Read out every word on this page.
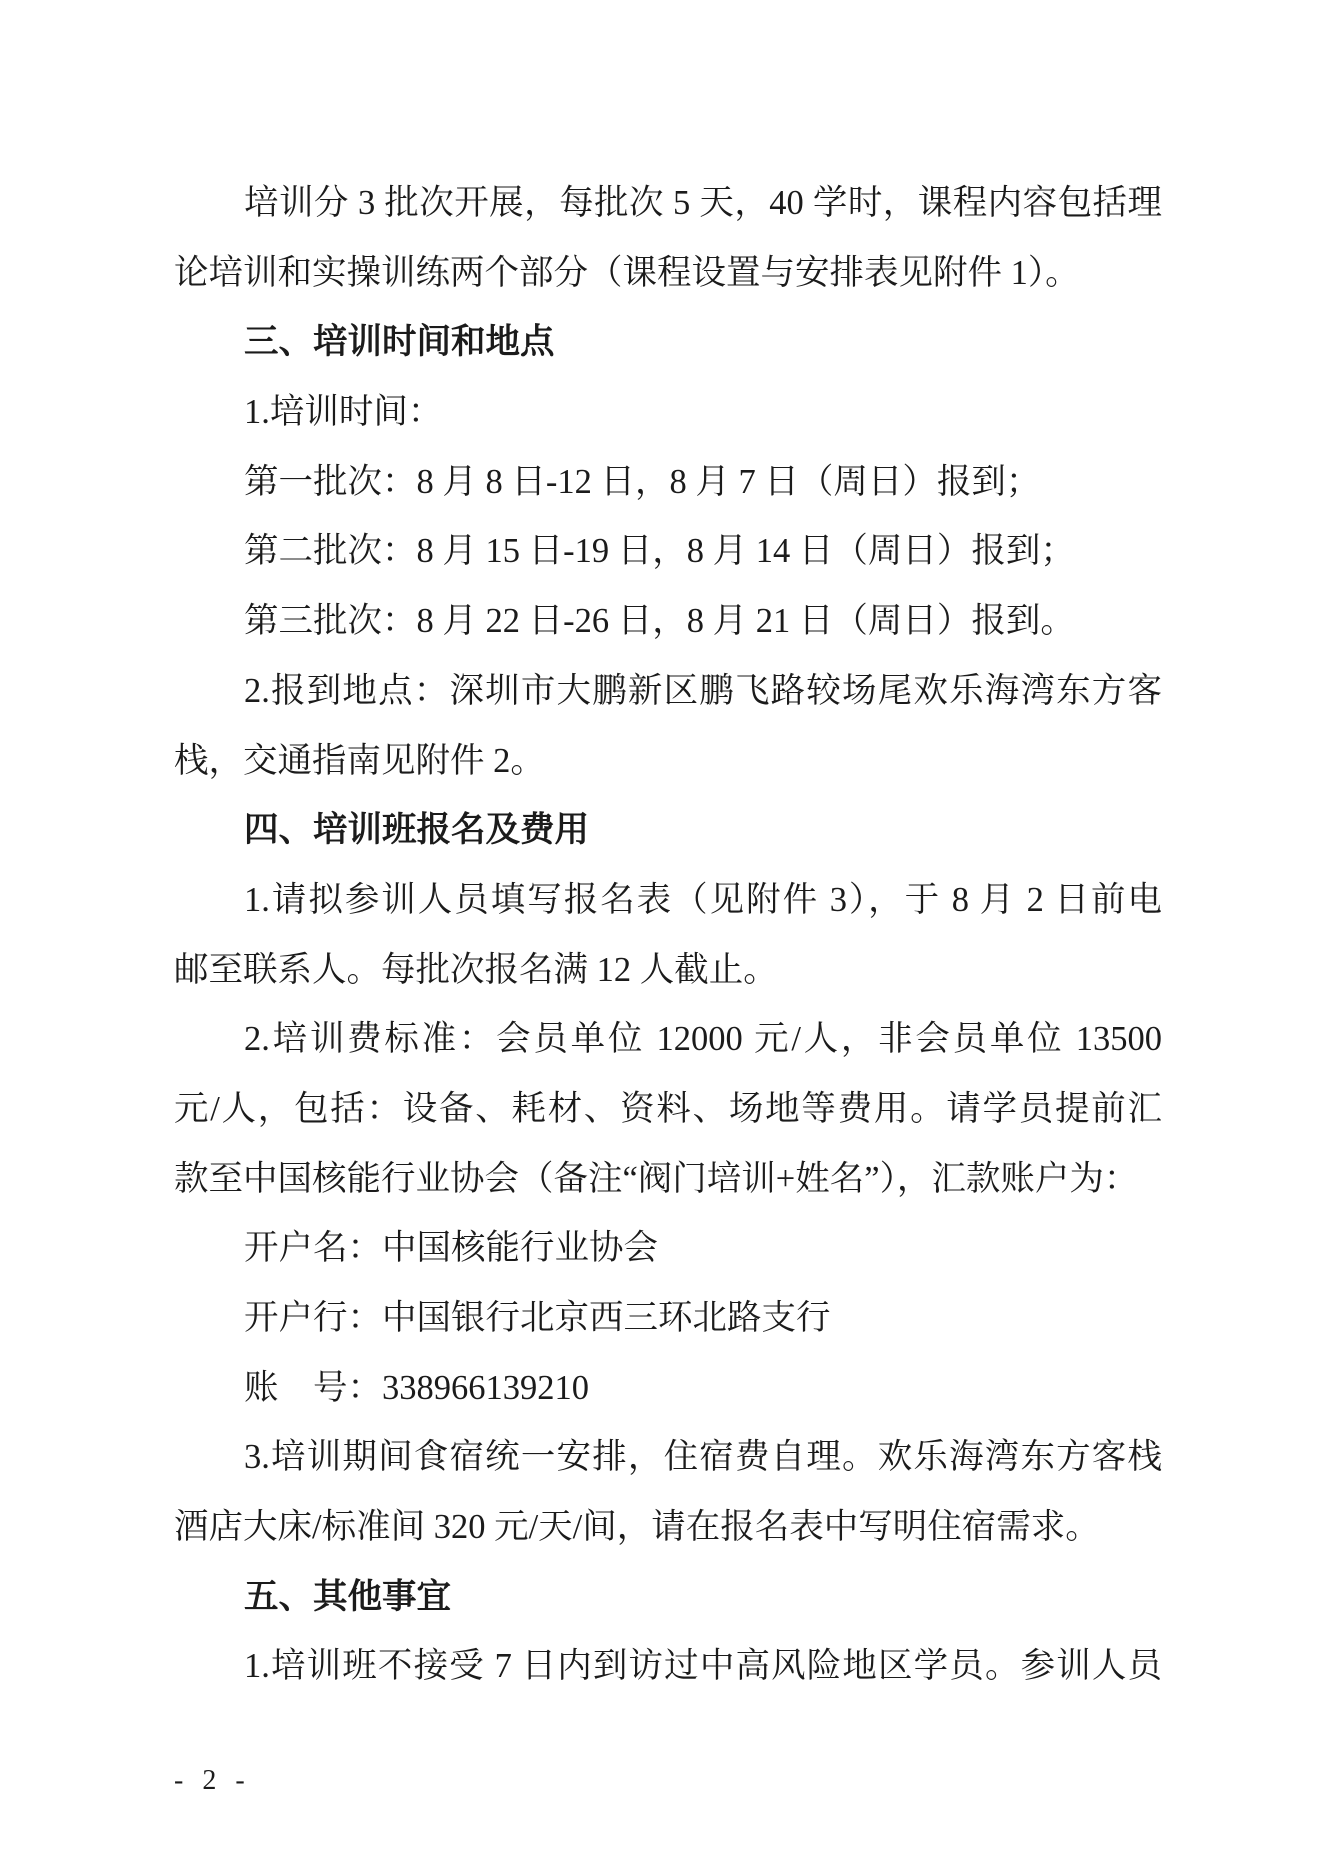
培训分 3 批次开展，每批次 5 天，40 学时，课程内容包括理
论培训和实操训练两个部分（课程设置与安排表见附件 1）。
三、培训时间和地点
1.培训时间：
第一批次：8 月 8 日-12 日，8 月 7 日（周日）报到；
第二批次：8 月 15 日-19 日，8 月 14 日（周日）报到；
第三批次：8 月 22 日-26 日，8 月 21 日（周日）报到。
2.报到地点：深圳市大鹏新区鹏飞路较场尾欢乐海湾东方客
栈，交通指南见附件 2。
四、培训班报名及费用
1.请拟参训人员填写报名表（见附件 3），于 8 月 2 日前电
邮至联系人。每批次报名满 12 人截止。
2.培训费标准：会员单位 12000 元/人，非会员单位 13500
元/人，包括：设备、耗材、资料、场地等费用。请学员提前汇
款至中国核能行业协会（备注“阀门培训+姓名”），汇款账户为：
开户名：中国核能行业协会
开户行：中国银行北京西三环北路支行
账　号：338966139210
3.培训期间食宿统一安排，住宿费自理。欢乐海湾东方客栈
酒店大床/标准间 320 元/天/间，请在报名表中写明住宿需求。
五、其他事宜
1.培训班不接受 7 日内到访过中高风险地区学员。参训人员
- 2 -
